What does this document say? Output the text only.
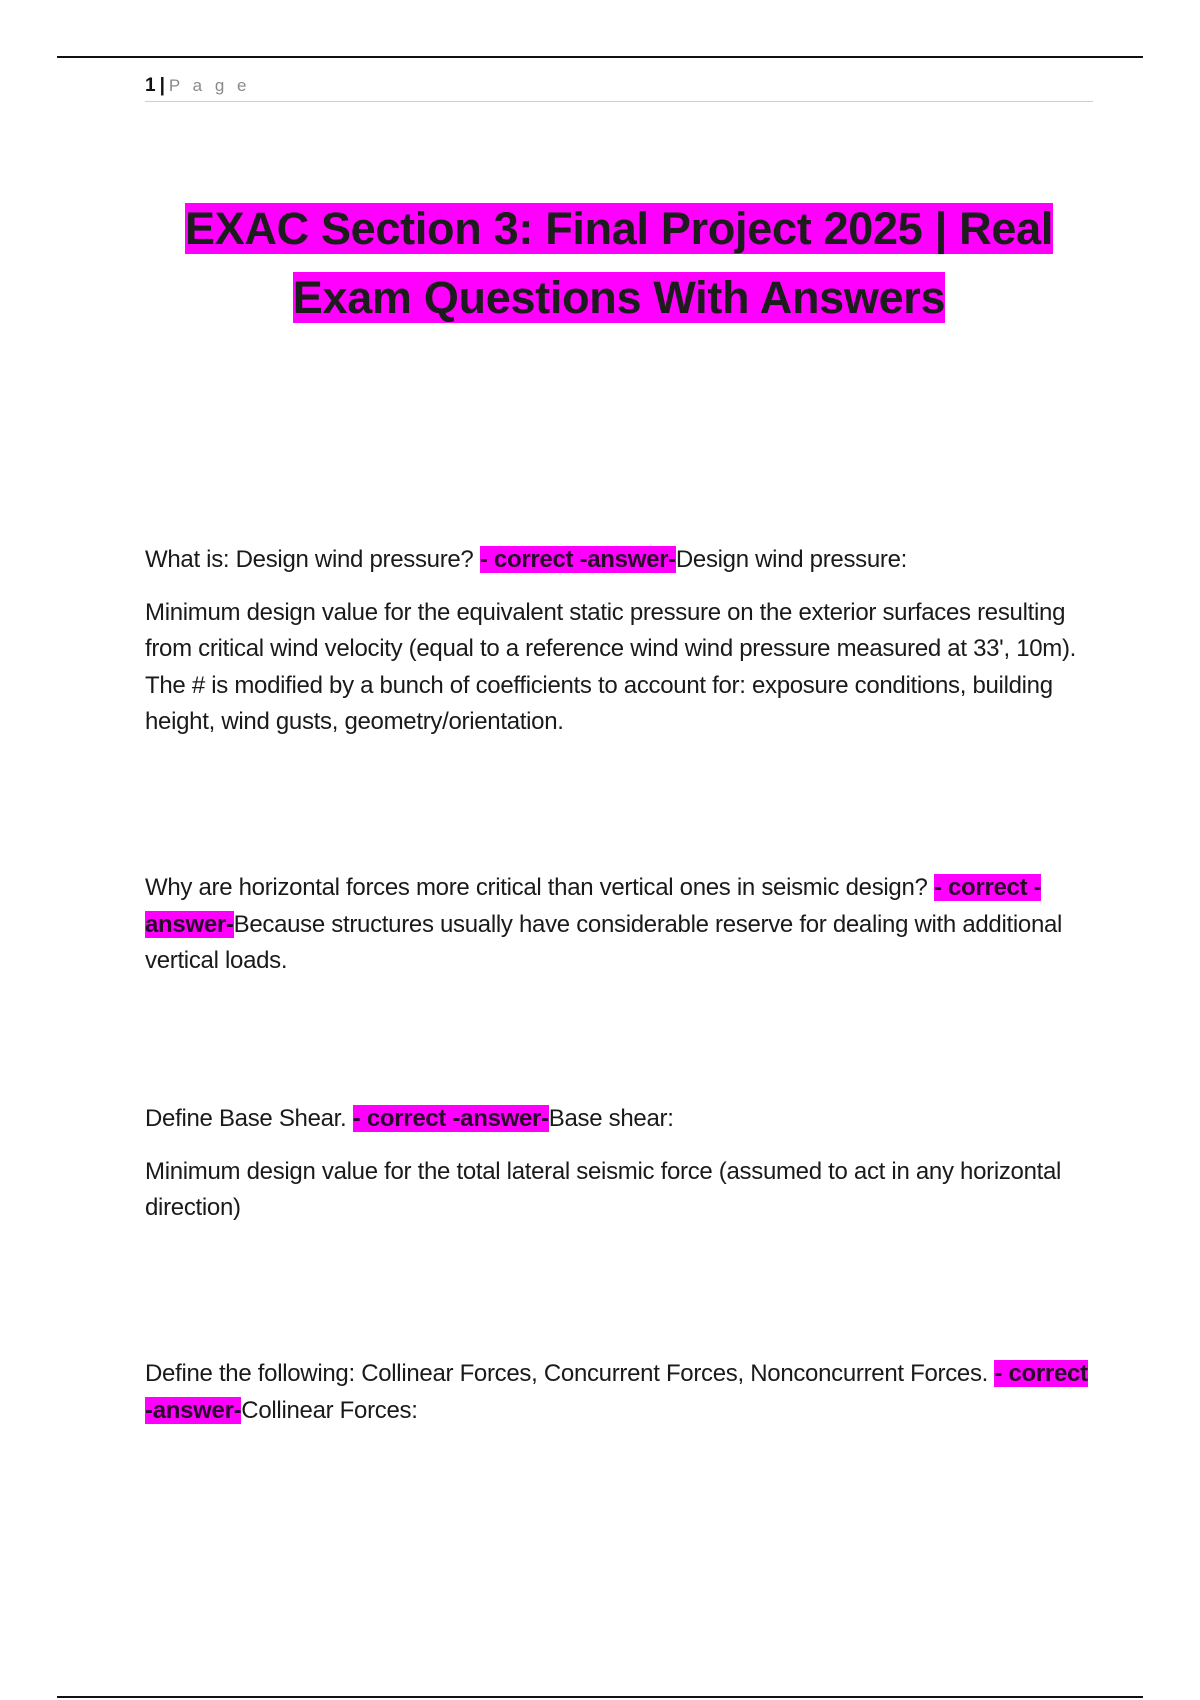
1 | P a g e
EXAC Section 3: Final Project 2025 | Real
Exam Questions With Answers

What is: Design wind pressure? - correct -answer-Design wind pressure:

Minimum design value for the equivalent static pressure on the exterior surfaces resulting from critical wind velocity (equal to a reference wind wind pressure measured at 33', 10m). The # is modified by a bunch of coefficients to account for: exposure conditions, building height, wind gusts, geometry/orientation.

Why are horizontal forces more critical than vertical ones in seismic design? - correct -answer-Because structures usually have considerable reserve for dealing with additional vertical loads.

Define Base Shear. - correct -answer-Base shear:

Minimum design value for the total lateral seismic force (assumed to act in any horizontal direction)

Define the following: Collinear Forces, Concurrent Forces, Nonconcurrent Forces. - correct -answer-Collinear Forces:
